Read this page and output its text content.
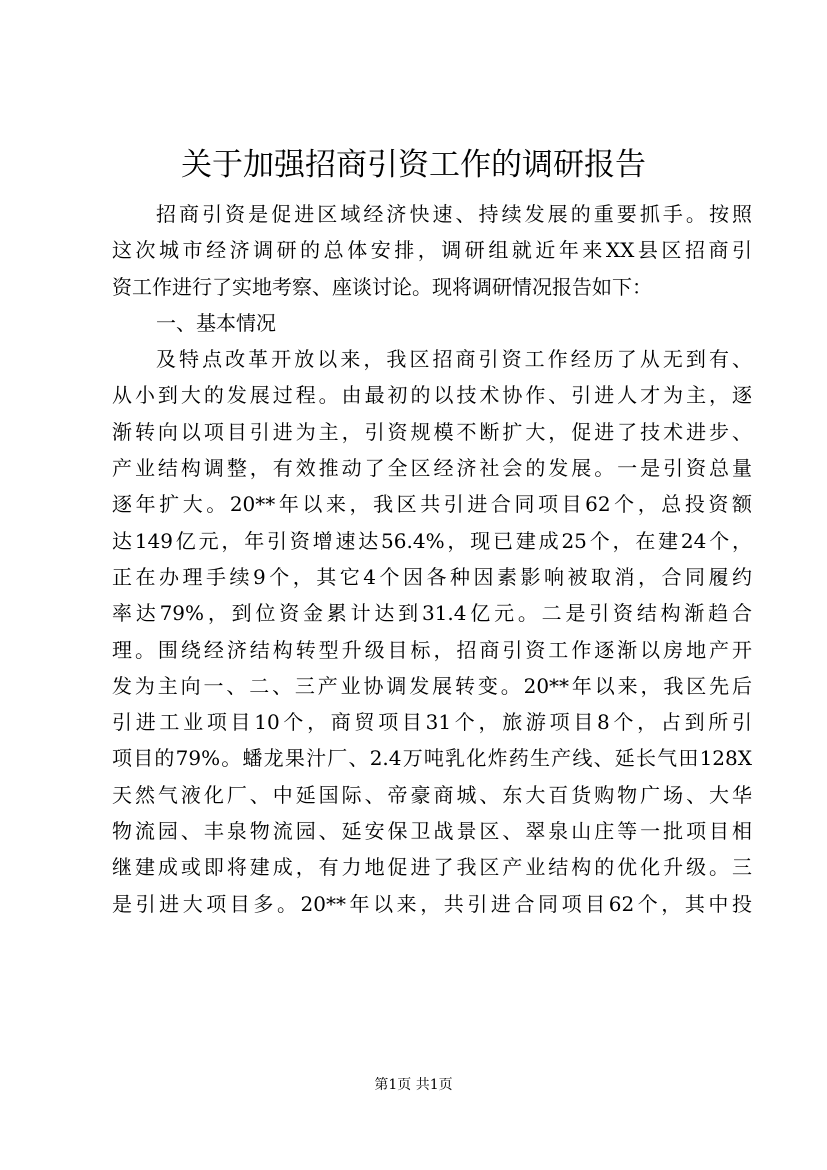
关于加强招商引资工作的调研报告
招商引资是促进区域经济快速、持续发展的重要抓手。按照
这次城市经济调研的总体安排，调研组就近年来XX县区招商引
资工作进行了实地考察、座谈讨论。现将调研情况报告如下：
一、基本情况
及特点改革开放以来，我区招商引资工作经历了从无到有、
从小到大的发展过程。由最初的以技术协作、引进人才为主，逐
渐转向以项目引进为主，引资规模不断扩大，促进了技术进步、
产业结构调整，有效推动了全区经济社会的发展。一是引资总量
逐年扩大。20**年以来，我区共引进合同项目62个，总投资额
达149亿元，年引资增速达56.4%，现已建成25个，在建24个，
正在办理手续9个，其它4个因各种因素影响被取消，合同履约
率达79%，到位资金累计达到31.4亿元。二是引资结构渐趋合
理。围绕经济结构转型升级目标，招商引资工作逐渐以房地产开
发为主向一、二、三产业协调发展转变。20**年以来，我区先后
引进工业项目10个，商贸项目31个，旅游项目8个，占到所引
项目的79%。蟠龙果汁厂、2.4万吨乳化炸药生产线、延长气田128X
天然气液化厂、中延国际、帝豪商城、东大百货购物广场、大华
物流园、丰泉物流园、延安保卫战景区、翠泉山庄等一批项目相
继建成或即将建成，有力地促进了我区产业结构的优化升级。三
是引进大项目多。20**年以来，共引进合同项目62个，其中投
第1页 共1页
